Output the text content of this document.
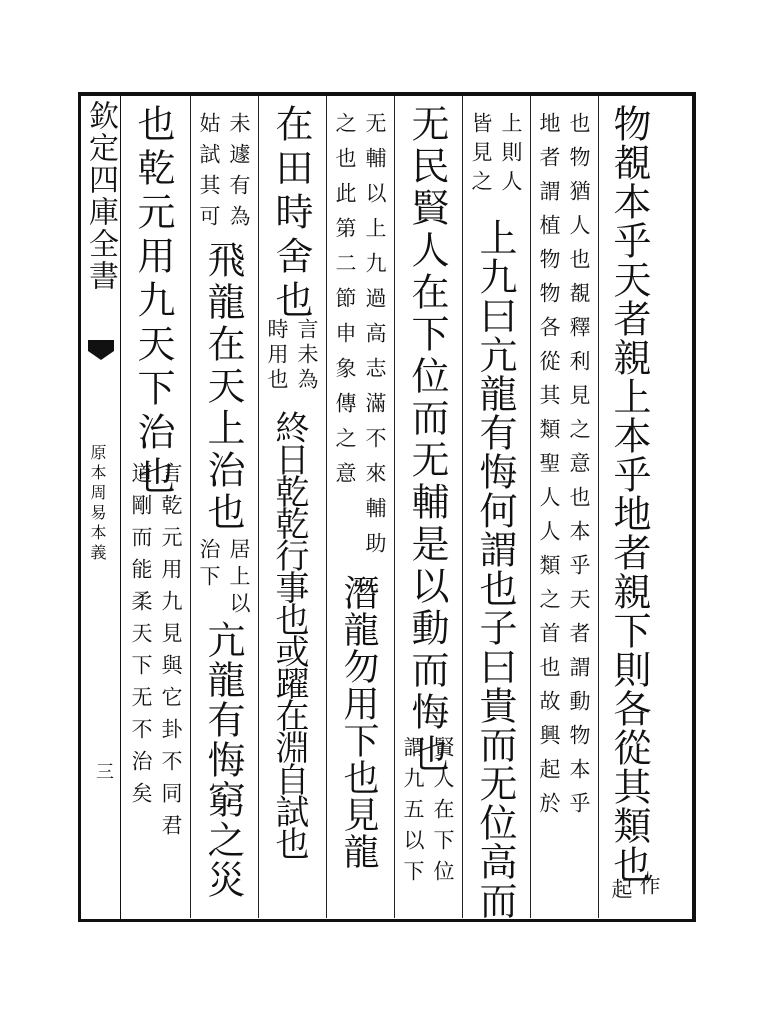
欽定四庫全書
原本周易本義
三	物覩本乎天者親上本乎地者親下則各從其類也
作
起
也物猶人也覩釋利見之意也本乎天者謂動物本乎
地者謂植物物各從其類聖人人類之首也故興起於
上則人
皆見之
上九曰亢龍有悔何謂也子曰貴而无位高而
无民賢人在下位而无輔是以動而悔也
賢人在下位
謂九五以下
无輔以上九過高志滿不來輔助
之也此第二節申象傳之意
潛龍勿用下也見龍
在田時舍也
言未為
時用也
終日乾乾行事也或躍在淵自試也
未遽有為
姑試其可
飛龍在天上治也
居上以
治下
亢龍有悔窮之災
也乾元用九天下治也
言乾元用九見與它卦不同君
道剛而能柔天下无不治矣
